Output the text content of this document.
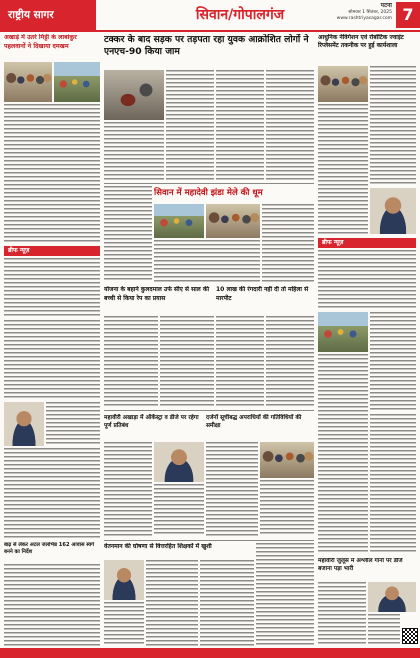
राष्ट्रीय सागर	सिवान/गोपालगंज
पटना
सोमवार 1 सितंबर, 2025
www.rashtriyasagar.com 7
अखाड़े में उतरे मिट्टी के लाबांकुर पहलवानों ने दिखाया दमखम
ब्रीफ न्यूज़
बाढ़ से लेकर अटल जलभिन्न 162 आवास स्वर्ग बनने का निर्देश
टक्कर के बाद सड़क पर तड़पता रहा युवक आक्रोशित लोगों ने एनएच-90 किया जाम
आधुनिक नेविगेशन एवं रोबोटिक ज्वाइंट रिप्लेसमेंट तकनीक पर हुई कार्यशाला
ब्रीफ न्यूज़
सिवान में महादेवी झंडा मेले की धूम
योजना के बहाने कुलदमाल उर्फ सीए से साल की बच्ची से किया रेप का प्रयास
10 लाख की रंगदारी नहीं दी तो महिला से मारपीट
महावीरी अखाड़ा में ऑर्केस्ट्रा व डीजे पर रहेगा पूर्ण प्रतिबंध
दर्जनों सूचीबद्ध अपराधियों की गतिविधियों की समीक्षा
वेतनमान की घोषणा से वित्तरहित शिक्षकों में खुशी
महावीरी जुलूस में अश्लील गानों पर डीजे बजाना पड़ा भारी
